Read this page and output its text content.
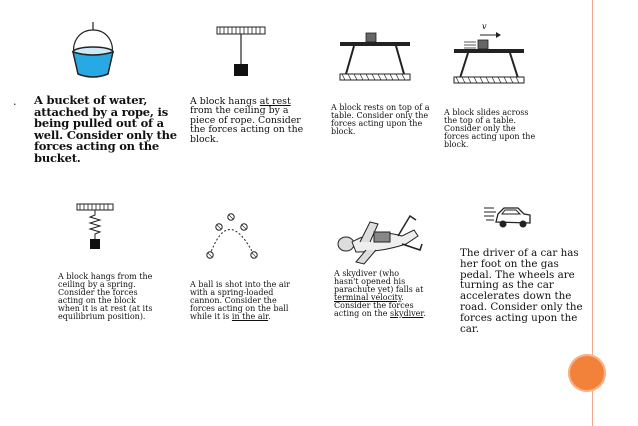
v
. A bucket of water, attached by a rope, is being pulled out of a well. Consider only the forces acting on the bucket.
A block hangs at rest from the ceiling by a piece of rope. Consider the forces acting on the block.
A block rests on top of a table. Consider only the forces acting upon the block.
A block slides across the top of a table. Consider only the forces acting upon the block.
A block hangs from the ceiling by a spring. Consider the forces acting on the block when it is at rest (at its equilibrium position).
A ball is shot into the air with a spring-loaded cannon. Consider the forces acting on the ball while it is in the air.
A skydiver (who hasn't opened his parachute yet) falls at terminal velocity. Consider the forces acting on the skydiver.
The driver of a car has her foot on the gas pedal. The wheels are turning as the car accelerates down the road. Consider only the forces acting upon the car.
